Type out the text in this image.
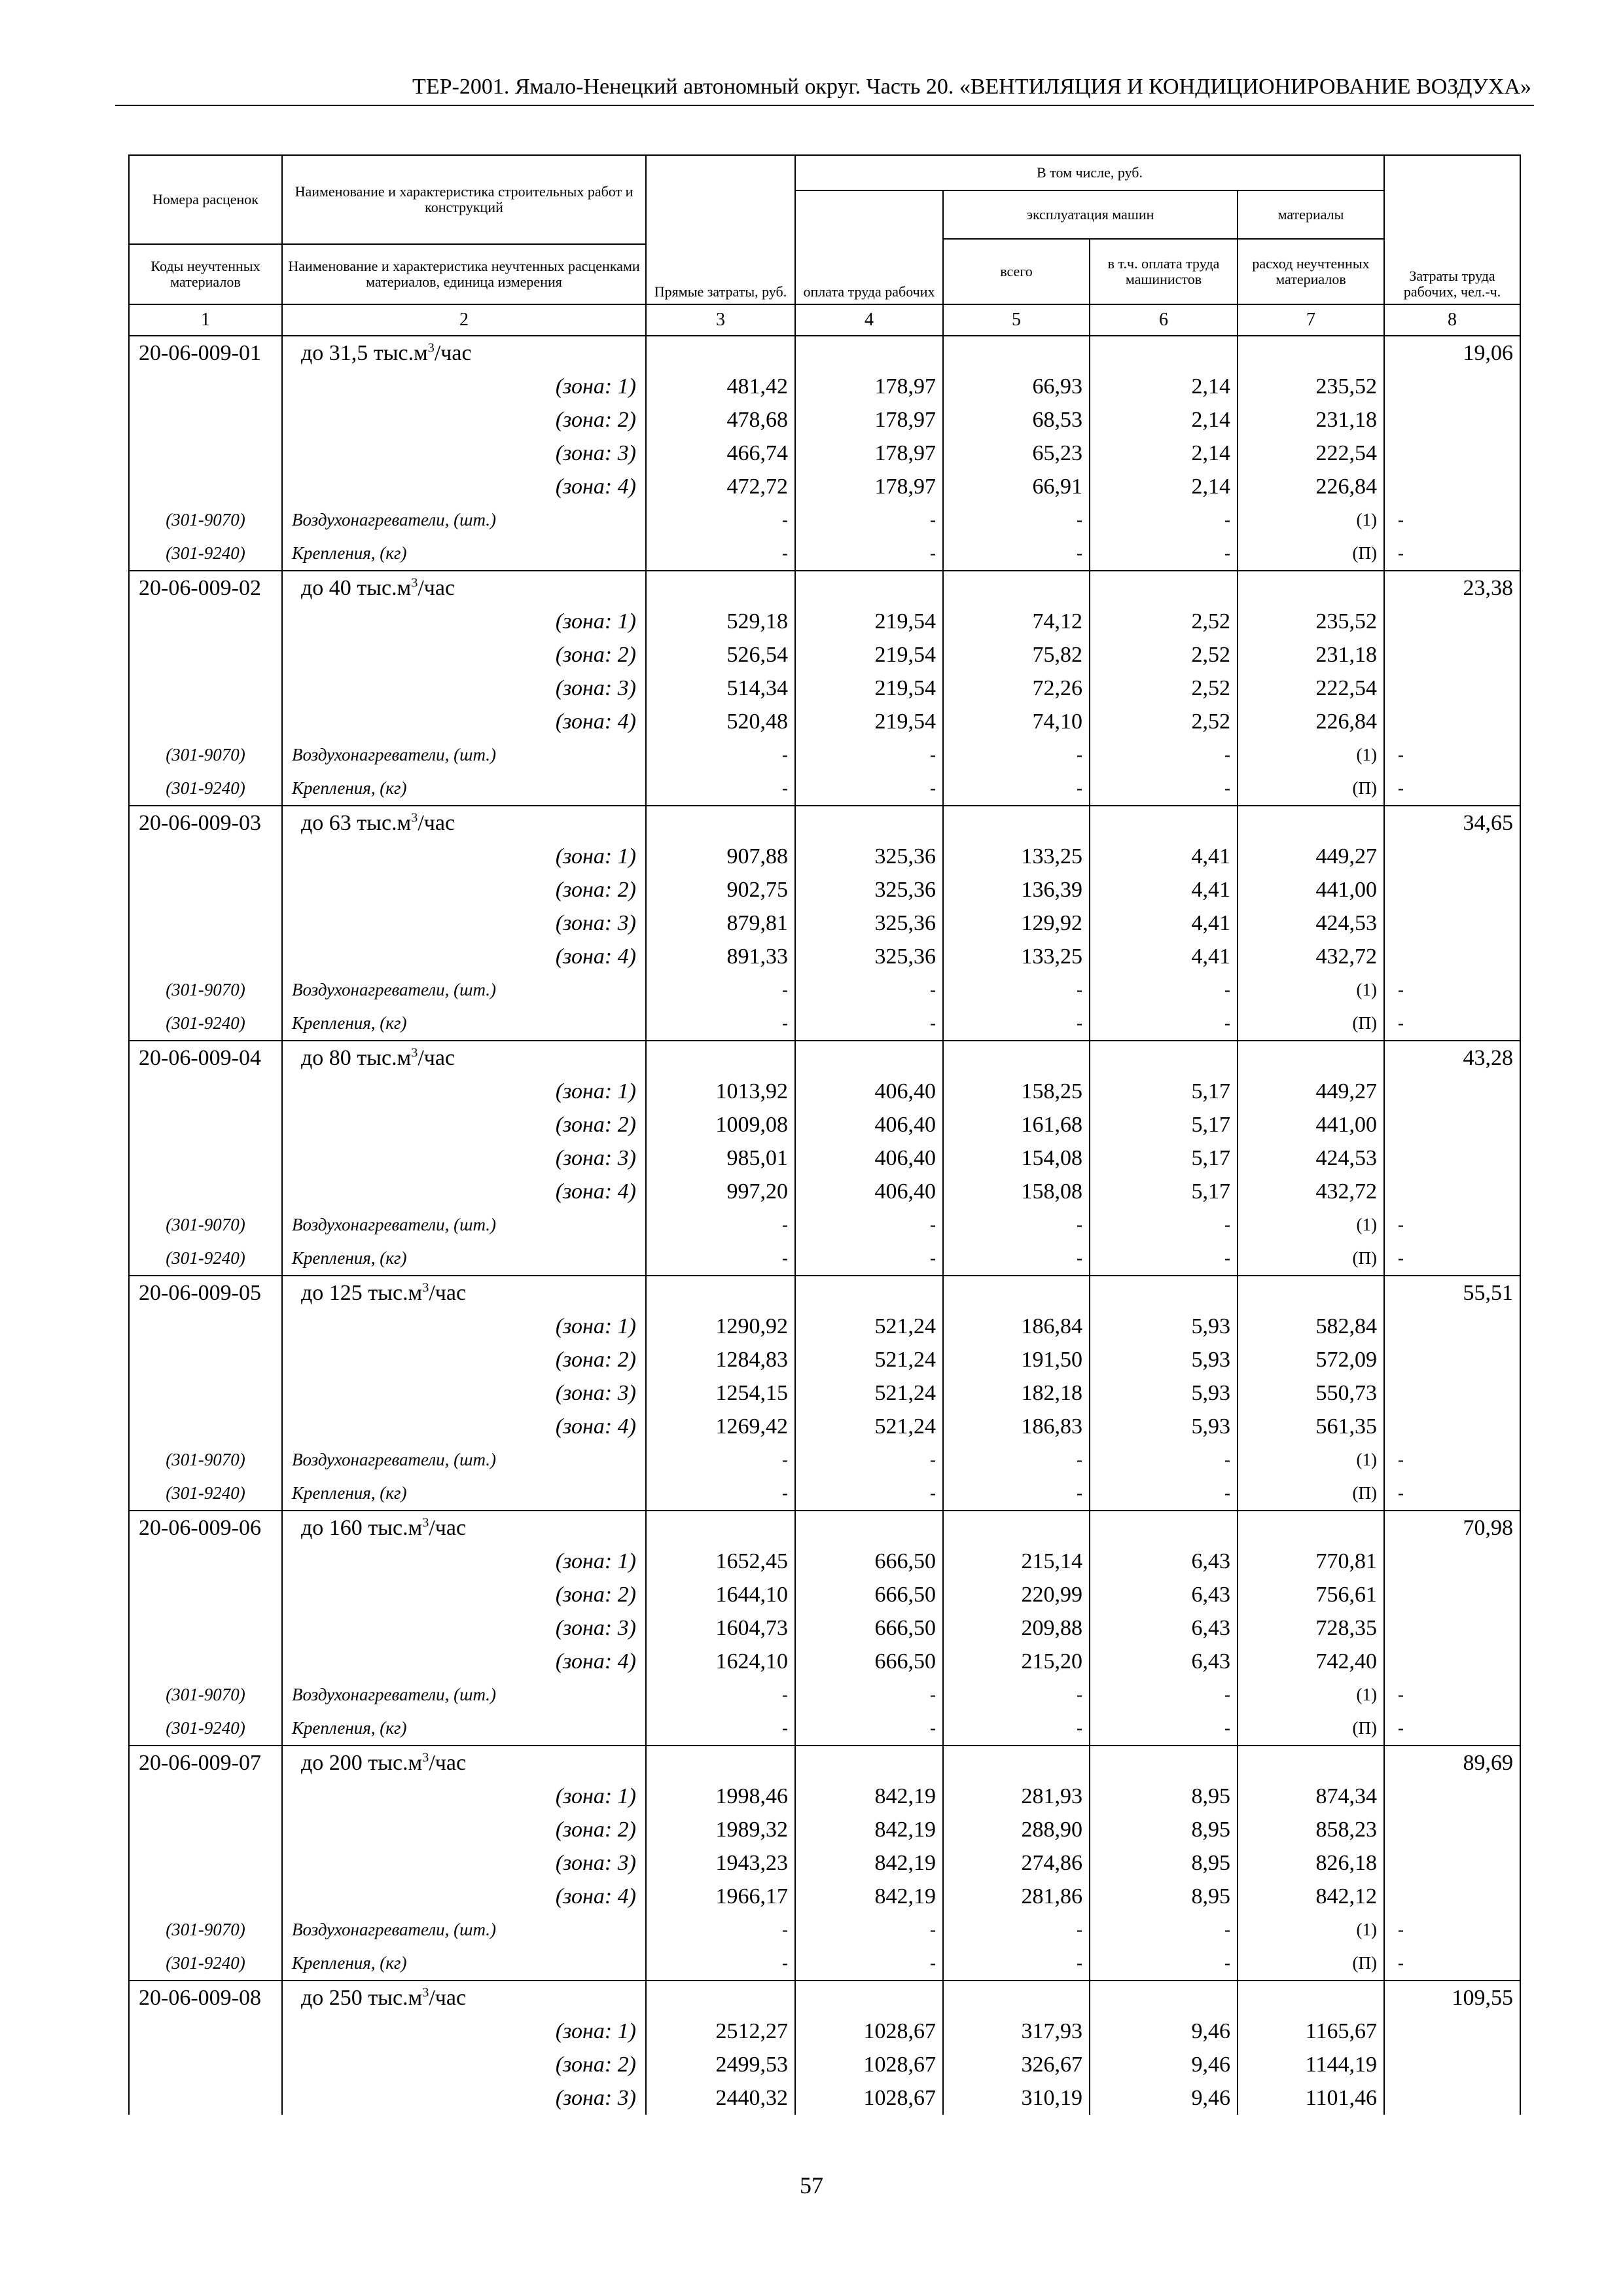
ТЕР-2001. Ямало-Ненецкий автономный округ. Часть 20. «ВЕНТИЛЯЦИЯ И КОНДИЦИОНИРОВАНИЕ ВОЗДУХА»
Номера расценок	Наименование и характеристика строительных работ и конструкций	Прямые затраты, руб.	В том числе, руб.				Затраты труда рабочих, чел.-ч.
			оплата труда рабочих	эксплуатация машин		материалы	
				всего	в т.ч. оплата труда машинистов	расход неучтенных материалов	
Коды неучтенных материалов	Наименование и характеристика неучтенных расценками материалов, единица измерения						
1	2	3	4	5	6	7	8
20-06-009-01	до 31,5 $тыс.м^3$/час						19,06
	(зона: 1)	481,42	178,97	66,93	2,14	235,52	
	(зона: 2)	478,68	178,97	68,53	2,14	231,18	
	(зона: 3)	466,74	178,97	65,23	2,14	222,54	
	(зона: 4)	472,72	178,97	66,91	2,14	226,84	
(301-9070)	Воздухонагреватели, (шт.)	-	-	-	-	(1)	-
(301-9240)	Крепления, (кг)	-	-	-	-	(П)	-
20-06-009-02	до 40 $тыс.м^3$/час						23,38
	(зона: 1)	529,18	219,54	74,12	2,52	235,52	
	(зона: 2)	526,54	219,54	75,82	2,52	231,18	
	(зона: 3)	514,34	219,54	72,26	2,52	222,54	
	(зона: 4)	520,48	219,54	74,10	2,52	226,84	
(301-9070)	Воздухонагреватели, (шт.)	-	-	-	-	(1)	-
(301-9240)	Крепления, (кг)	-	-	-	-	(П)	-
20-06-009-03	до 63 $тыс.м^3$/час						34,65
	(зона: 1)	907,88	325,36	133,25	4,41	449,27	
	(зона: 2)	902,75	325,36	136,39	4,41	441,00	
	(зона: 3)	879,81	325,36	129,92	4,41	424,53	
	(зона: 4)	891,33	325,36	133,25	4,41	432,72	
(301-9070)	Воздухонагреватели, (шт.)	-	-	-	-	(1)	-
(301-9240)	Крепления, (кг)	-	-	-	-	(П)	-
20-06-009-04	до 80 $тыс.м^3$/час						43,28
	(зона: 1)	1013,92	406,40	158,25	5,17	449,27	
	(зона: 2)	1009,08	406,40	161,68	5,17	441,00	
	(зона: 3)	985,01	406,40	154,08	5,17	424,53	
	(зона: 4)	997,20	406,40	158,08	5,17	432,72	
(301-9070)	Воздухонагреватели, (шт.)	-	-	-	-	(1)	-
(301-9240)	Крепления, (кг)	-	-	-	-	(П)	-
20-06-009-05	до 125 $тыс.м^3$/час						55,51
	(зона: 1)	1290,92	521,24	186,84	5,93	582,84	
	(зона: 2)	1284,83	521,24	191,50	5,93	572,09	
	(зона: 3)	1254,15	521,24	182,18	5,93	550,73	
	(зона: 4)	1269,42	521,24	186,83	5,93	561,35	
(301-9070)	Воздухонагреватели, (шт.)	-	-	-	-	(1)	-
(301-9240)	Крепления, (кг)	-	-	-	-	(П)	-
20-06-009-06	до 160 $тыс.м^3$/час						70,98
	(зона: 1)	1652,45	666,50	215,14	6,43	770,81	
	(зона: 2)	1644,10	666,50	220,99	6,43	756,61	
	(зона: 3)	1604,73	666,50	209,88	6,43	728,35	
	(зона: 4)	1624,10	666,50	215,20	6,43	742,40	
(301-9070)	Воздухонагреватели, (шт.)	-	-	-	-	(1)	-
(301-9240)	Крепления, (кг)	-	-	-	-	(П)	-
20-06-009-07	до 200 $тыс.м^3$/час						89,69
	(зона: 1)	1998,46	842,19	281,93	8,95	874,34	
	(зона: 2)	1989,32	842,19	288,90	8,95	858,23	
	(зона: 3)	1943,23	842,19	274,86	8,95	826,18	
	(зона: 4)	1966,17	842,19	281,86	8,95	842,12	
(301-9070)	Воздухонагреватели, (шт.)	-	-	-	-	(1)	-
(301-9240)	Крепления, (кг)	-	-	-	-	(П)	-
20-06-009-08	до 250 $тыс.м^3$/час						109,55
	(зона: 1)	2512,27	1028,67	317,93	9,46	1165,67	
	(зона: 2)	2499,53	1028,67	326,67	9,46	1144,19	
	(зона: 3)	2440,32	1028,67	310,19	9,46	1101,46	
57
